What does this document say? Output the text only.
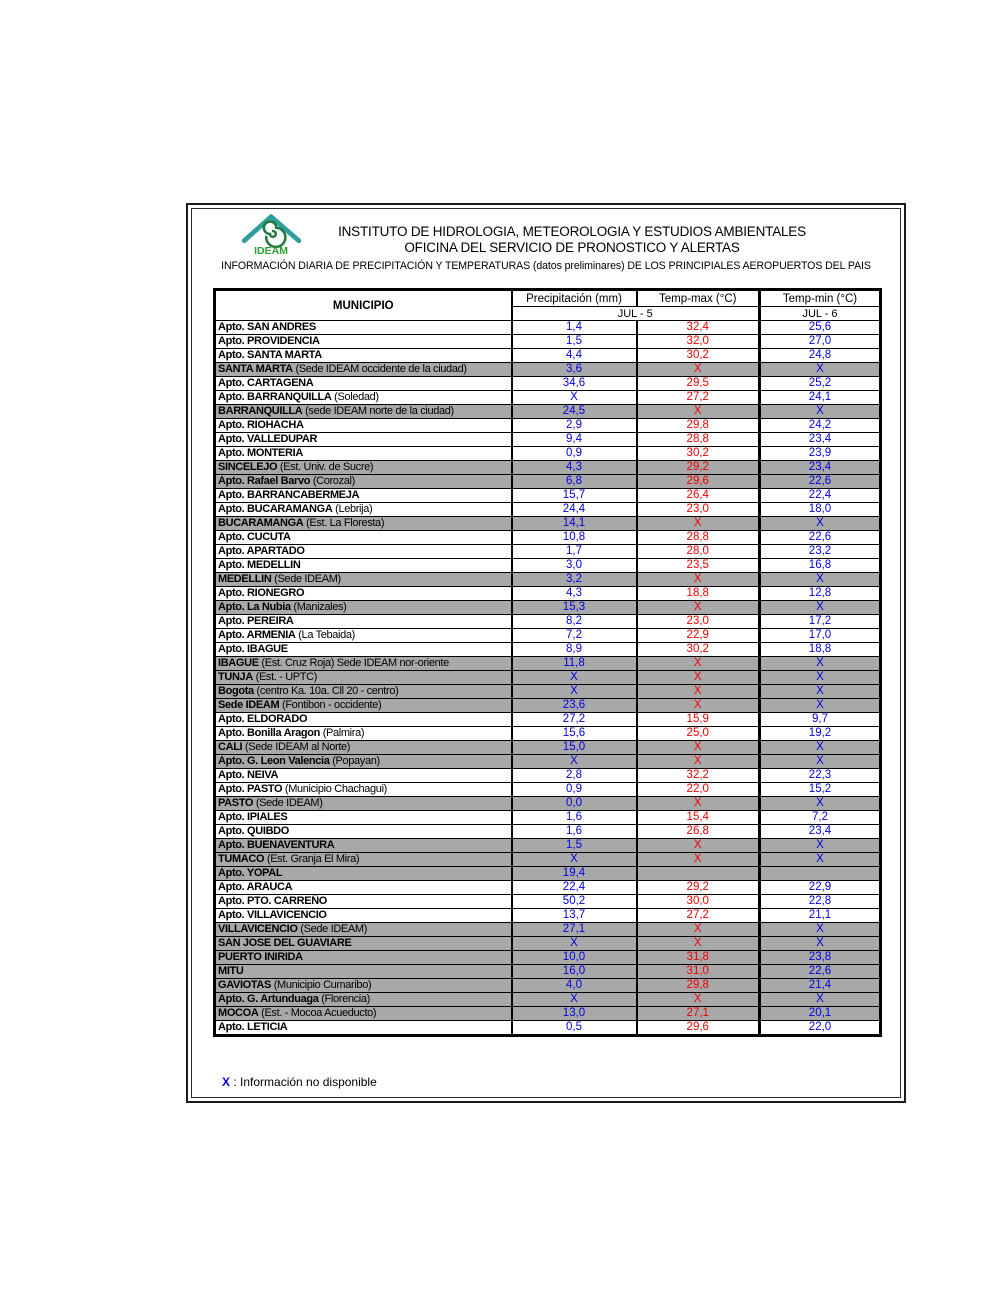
IDEAM
INSTITUTO DE HIDROLOGIA, METEOROLOGIA Y ESTUDIOS AMBIENTALES
OFICINA DEL SERVICIO DE PRONOSTICO Y ALERTAS
INFORMACIÓN DIARIA DE PRECIPITACIÓN Y TEMPERATURAS (datos preliminares) DE LOS PRINCIPIALES AEROPUERTOS DEL PAIS
MUNICIPIO	Precipitación (mm)	Temp-max (°C)	Temp-min (°C)
	JUL - 5		JUL - 6
Apto. SAN ANDRES	1,4	32,4	25,6
Apto. PROVIDENCIA	1,5	32,0	27,0
Apto. SANTA MARTA	4,4	30,2	24,8
SANTA MARTA (Sede IDEAM occidente de la ciudad)	3,6	X	X
Apto. CARTAGENA	34,6	29,5	25,2
Apto. BARRANQUILLA (Soledad)	X	27,2	24,1
BARRANQUILLA (sede IDEAM norte de la ciudad)	24,5	X	X
Apto. RIOHACHA	2,9	29,8	24,2
Apto. VALLEDUPAR	9,4	28,8	23,4
Apto. MONTERIA	0,9	30,2	23,9
SINCELEJO (Est. Univ. de Sucre)	4,3	29,2	23,4
Apto. Rafael Barvo (Corozal)	6,8	29,6	22,6
Apto. BARRANCABERMEJA	15,7	26,4	22,4
Apto. BUCARAMANGA (Lebrija)	24,4	23,0	18,0
BUCARAMANGA (Est. La Floresta)	14,1	X	X
Apto. CUCUTA	10,8	28,8	22,6
Apto. APARTADO	1,7	28,0	23,2
Apto. MEDELLIN	3,0	23,5	16,8
MEDELLIN (Sede IDEAM)	3,2	X	X
Apto. RIONEGRO	4,3	18,8	12,8
Apto. La Nubia (Manizales)	15,3	X	X
Apto. PEREIRA	8,2	23,0	17,2
Apto. ARMENIA (La Tebaida)	7,2	22,9	17,0
Apto. IBAGUE	8,9	30,2	18,8
IBAGUE (Est. Cruz Roja) Sede IDEAM nor-oriente	11,8	X	X
TUNJA (Est. - UPTC)	X	X	X
Bogota (centro Ka. 10a. Cll 20 - centro)	X	X	X
Sede IDEAM (Fontibon - occidente)	23,6	X	X
Apto. ELDORADO	27,2	15,9	9,7
Apto. Bonilla Aragon (Palmira)	15,6	25,0	19,2
CALI (Sede IDEAM al Norte)	15,0	X	X
Apto. G. Leon Valencia (Popayan)	X	X	X
Apto. NEIVA	2,8	32,2	22,3
Apto. PASTO (Municipio Chachagui)	0,9	22,0	15,2
PASTO (Sede IDEAM)	0,0	X	X
Apto. IPIALES	1,6	15,4	7,2
Apto. QUIBDO	1,6	26,8	23,4
Apto. BUENAVENTURA	1,5	X	X
TUMACO (Est. Granja El Mira)	X	X	X
Apto. YOPAL	19,4		
Apto. ARAUCA	22,4	29,2	22,9
Apto. PTO. CARREÑO	50,2	30,0	22,8
Apto. VILLAVICENCIO	13,7	27,2	21,1
VILLAVICENCIO (Sede IDEAM)	27,1	X	X
SAN JOSE DEL GUAVIARE	X	X	X
PUERTO INIRIDA	10,0	31,8	23,8
MITU	16,0	31,0	22,6
GAVIOTAS (Municipio Cumaribo)	4,0	29,8	21,4
Apto. G. Artunduaga (Florencia)	X	X	X
MOCOA (Est. - Mocoa Acueducto)	13,0	27,1	20,1
Apto. LETICIA	0,5	29,6	22,0
X : Información no disponible
